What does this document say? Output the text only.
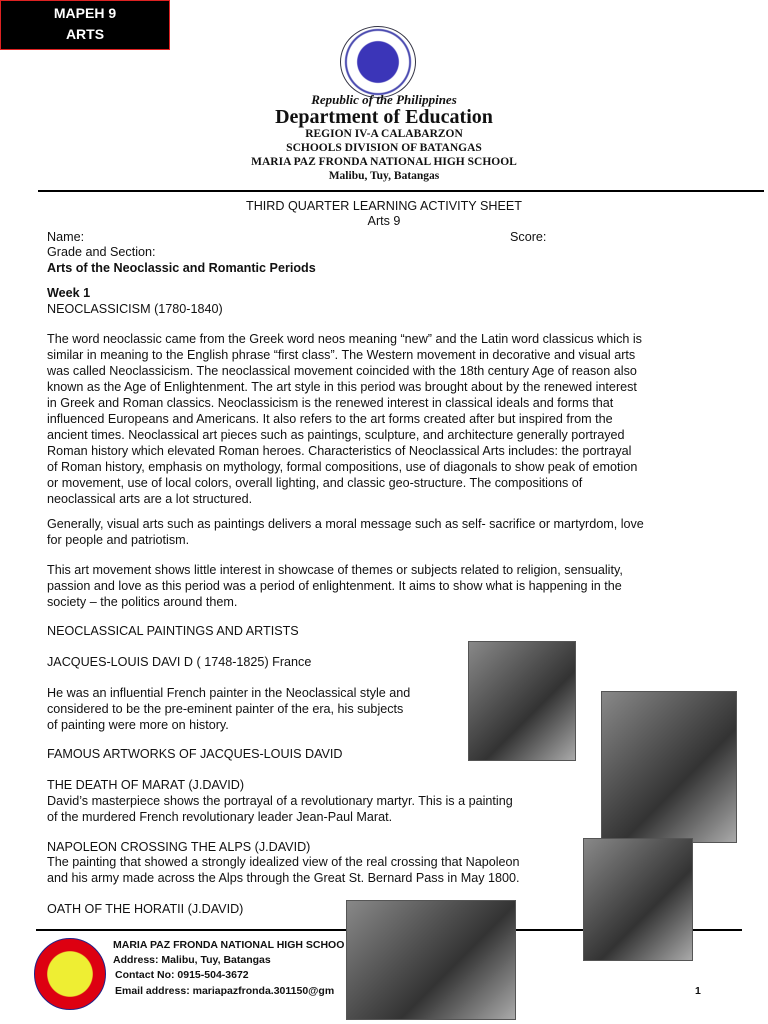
MAPEH 9
ARTS
Republic of the Philippines
Department of Education
REGION IV-A CALABARZON
SCHOOLS DIVISION OF BATANGAS
MARIA PAZ FRONDA NATIONAL HIGH SCHOOL
Malibu, Tuy, Batangas
THIRD QUARTER LEARNING ACTIVITY SHEET
Arts 9
Name:	Score:
Grade and Section:
Arts of the Neoclassic and Romantic Periods
Week 1
NEOCLASSICISM (1780-1840)
The word neoclassic came from the Greek word neos meaning “new” and the Latin word classicus which is
similar in meaning to the English phrase “first class”. The Western movement in decorative and visual arts
was called Neoclassicism. The neoclassical movement coincided with the 18th century Age of reason also
known as the Age of Enlightenment. The art style in this period was brought about by the renewed interest
in Greek and Roman classics. Neoclassicism is the renewed interest in classical ideals and forms that
influenced Europeans and Americans. It also refers to the art forms created after but inspired from the
ancient times. Neoclassical art pieces such as paintings, sculpture, and architecture generally portrayed
Roman history which elevated Roman heroes. Characteristics of Neoclassical Arts includes: the portrayal
of Roman history, emphasis on mythology, formal compositions, use of diagonals to show peak of emotion
or movement, use of local colors, overall lighting, and classic geo-structure. The compositions of
neoclassical arts are a lot structured.
Generally, visual arts such as paintings delivers a moral message such as self- sacrifice or martyrdom, love
for people and patriotism.
This art movement shows little interest in showcase of themes or subjects related to religion, sensuality,
passion and love as this period was a period of enlightenment. It aims to show what is happening in the
society – the politics around them.
NEOCLASSICAL PAINTINGS AND ARTISTS
JACQUES-LOUIS DAVI D ( 1748-1825) France
He was an influential French painter in the Neoclassical style and
considered to be the pre-eminent painter of the era, his subjects
of painting were more on history.
FAMOUS ARTWORKS OF JACQUES-LOUIS DAVID
THE DEATH OF MARAT (J.DAVID)
David’s masterpiece shows the portrayal of a revolutionary martyr. This is a painting
of the murdered French revolutionary leader Jean-Paul Marat.
NAPOLEON CROSSING THE ALPS (J.DAVID)
The painting that showed a strongly idealized view of the real crossing that Napoleon
and his army made across the Alps through the Great St. Bernard Pass in May 1800.
OATH OF THE HORATII (J.DAVID)
MARIA PAZ FRONDA NATIONAL HIGH SCHOO
Address: Malibu, Tuy, Batangas
Contact No: 0915-504-3672
Email address: mariapazfronda.301150@gm	1
